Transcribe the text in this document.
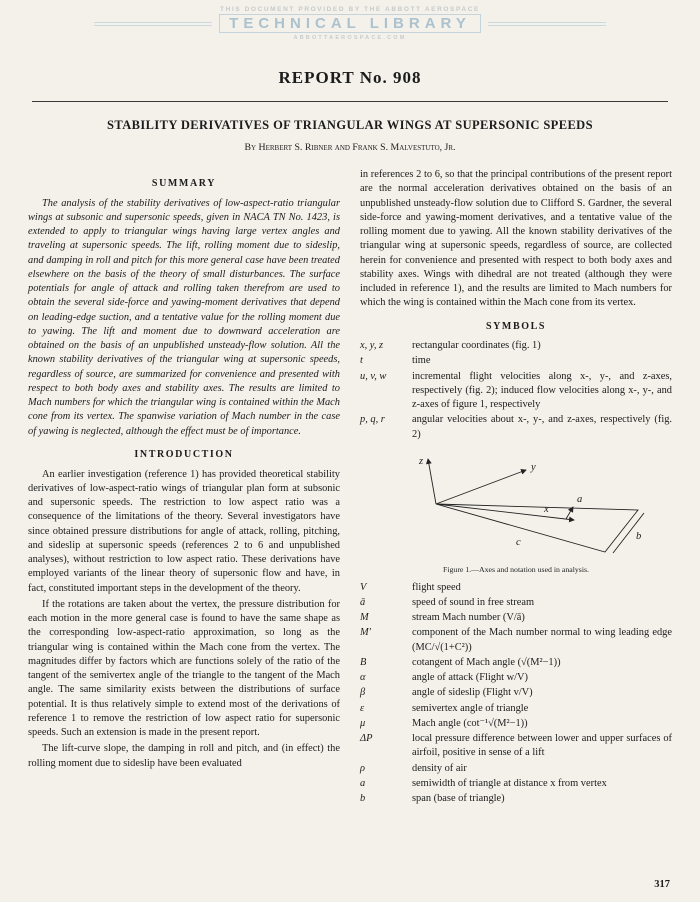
THIS DOCUMENT PROVIDED BY THE ABBOTT AEROSPACE
TECHNICAL LIBRARY
ABBOTTAEROSPACE.COM
REPORT No. 908
STABILITY DERIVATIVES OF TRIANGULAR WINGS AT SUPERSONIC SPEEDS
By Herbert S. Ribner and Frank S. Malvestuto, Jr.
SUMMARY

The analysis of the stability derivatives of low-aspect-ratio triangular wings at subsonic and supersonic speeds, given in NACA TN No. 1423, is extended to apply to triangular wings having large vertex angles and traveling at supersonic speeds. The lift, rolling moment due to sideslip, and damping in roll and pitch for this more general case have been treated elsewhere on the basis of the theory of small disturbances. The surface potentials for angle of attack and rolling taken therefrom are used to obtain the several side-force and yawing-moment derivatives that depend on leading-edge suction, and a tentative value for the rolling moment due to yawing. The lift and moment due to downward acceleration are obtained on the basis of an unpublished unsteady-flow solution. All the known stability derivatives of the triangular wing at supersonic speeds, regardless of source, are summarized for convenience and presented with respect to both body axes and stability axes. The results are limited to Mach numbers for which the triangular wing is contained within the Mach cone from its vertex. The spanwise variation of Mach number in the case of yawing is neglected, although the effect must be of importance.

INTRODUCTION

An earlier investigation (reference 1) has provided theoretical stability derivatives of low-aspect-ratio wings of triangular plan form at subsonic and supersonic speeds. The restriction to low aspect ratio was a consequence of the limitations of the theory. Several investigators have since obtained pressure distributions for angle of attack, rolling, pitching, and sideslip at supersonic speeds (references 2 to 6 and unpublished analyses), without restriction to low aspect ratio. These derivations have employed variants of the linear theory of supersonic flow and have, in fact, constituted important steps in the development of the theory.

If the rotations are taken about the vertex, the pressure distribution for each motion in the more general case is found to have the same shape as the corresponding low-aspect-ratio approximation, so long as the triangular wing is contained within the Mach cone from the vertex. The magnitudes differ by factors which are functions solely of the ratio of the tangent of the semivertex angle of the triangle to the tangent of the Mach angle. The same similarity exists between the distributions of surface potential. It is thus relatively simple to extend most of the derivations of reference 1 to remove the restriction of low aspect ratio for supersonic speeds. Such an extension is made in the present report.

The lift-curve slope, the damping in roll and pitch, and (in effect) the rolling moment due to sideslip have been evaluated

in references 2 to 6, so that the principal contributions of the present report are the normal acceleration derivatives obtained on the basis of an unpublished unsteady-flow solution due to Clifford S. Gardner, the several side-force and yawing-moment derivatives, and a tentative value of the rolling moment due to yawing. All the known stability derivatives of the triangular wing at supersonic speeds, regardless of source, are collected herein for convenience and presented with respect to both body axes and stability axes. Wings with dihedral are not treated (although they were included in reference 1), and the results are limited to Mach numbers for which the wing is contained within the Mach cone from its vertex.

SYMBOLS
x, y, z	rectangular coordinates (fig. 1)
t	time
u, v, w	incremental flight velocities along x-, y-, and z-axes, respectively (fig. 2); induced flow velocities along x-, y-, and z-axes of figure 1, respectively
p, q, r	angular velocities about x-, y-, and z-axes, respectively (fig. 2)
z
y
x
a
b
c
Figure 1.—Axes and notation used in analysis.
V	flight speed
ā	speed of sound in free stream
M	stream Mach number (V/ā)
M′	component of the Mach number normal to wing leading edge (MC/√(1+C²))
B	cotangent of Mach angle (√(M²−1))
α	angle of attack (Flight w/V)
β	angle of sideslip (Flight v/V)
ε	semivertex angle of triangle
μ	Mach angle (cot⁻¹√(M²−1))
ΔP	local pressure difference between lower and upper surfaces of airfoil, positive in sense of a lift
ρ	density of air
a	semiwidth of triangle at distance x from vertex
b	span (base of triangle)
317
